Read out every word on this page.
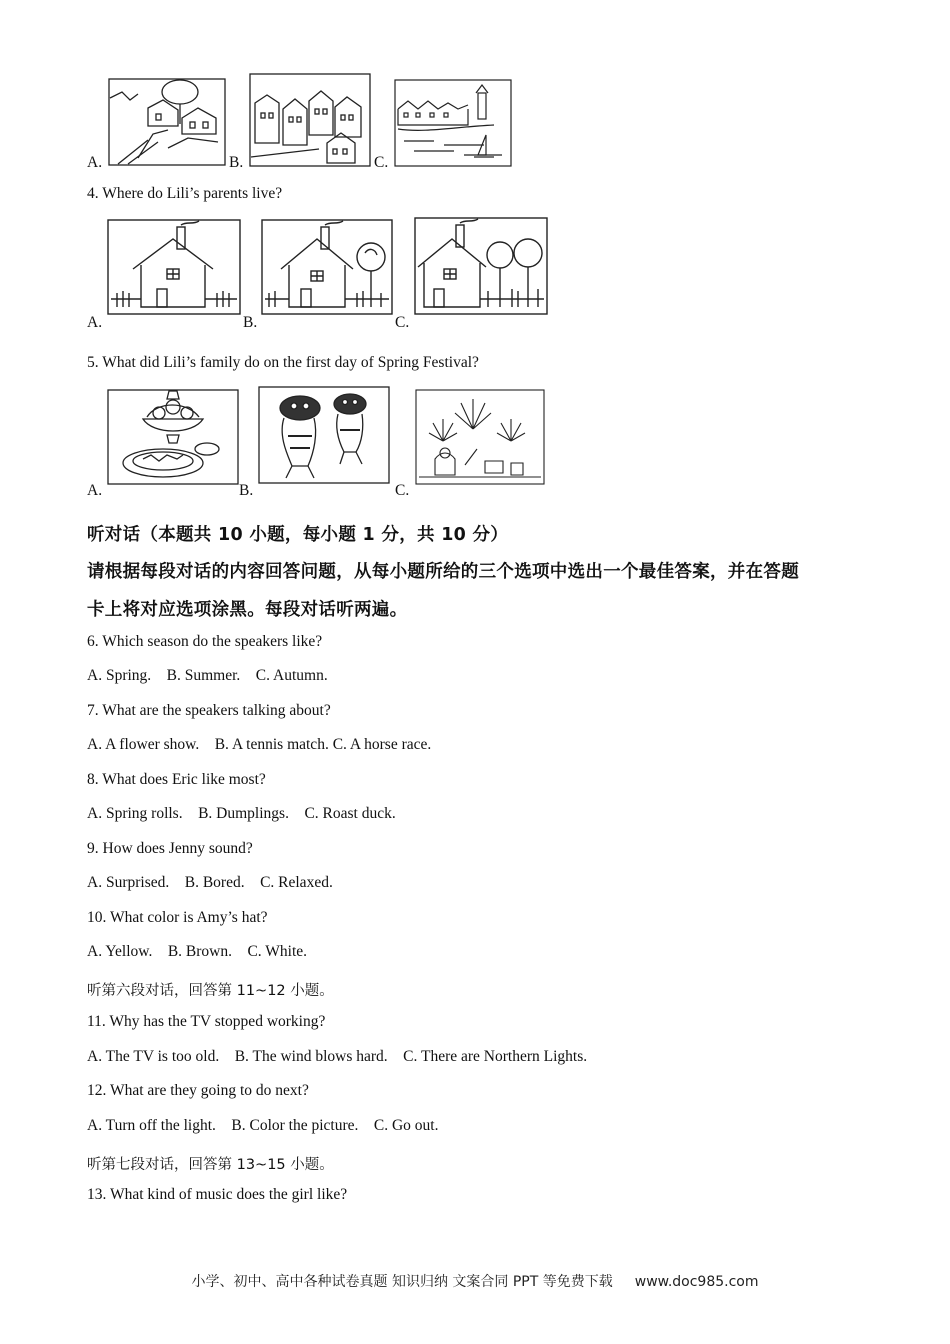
A.	B.	C.
4. Where do Lili’s parents live?
A.	B.	C.
5. What did Lili’s family do on the first day of Spring Festival?
A.	B.	C.
听对话（本题共 10 小题，每小题 1 分，共 10 分）
请根据每段对话的内容回答问题，从每小题所给的三个选项中选出一个最佳答案，并在答题
卡上将对应选项涂黑。每段对话听两遍。
6. Which season do the speakers like?
A. Spring.    B. Summer.    C. Autumn.
7. What are the speakers talking about?
A. A flower show.    B. A tennis match. C. A horse race.
8. What does Eric like most?
A. Spring rolls.    B. Dumplings.    C. Roast duck.
9. How does Jenny sound?
A. Surprised.    B. Bored.    C. Relaxed.
10. What color is Amy’s hat?
A. Yellow.    B. Brown.    C. White.
听第六段对话，回答第 11~12 小题。
11. Why has the TV stopped working?
A. The TV is too old.    B. The wind blows hard.    C. There are Northern Lights.
12. What are they going to do next?
A. Turn off the light.    B. Color the picture.    C. Go out.
听第七段对话，回答第 13~15 小题。
13. What kind of music does the girl like?
小学、初中、高中各种试卷真题 知识归纳 文案合同 PPT 等免费下载 www.doc985.com
